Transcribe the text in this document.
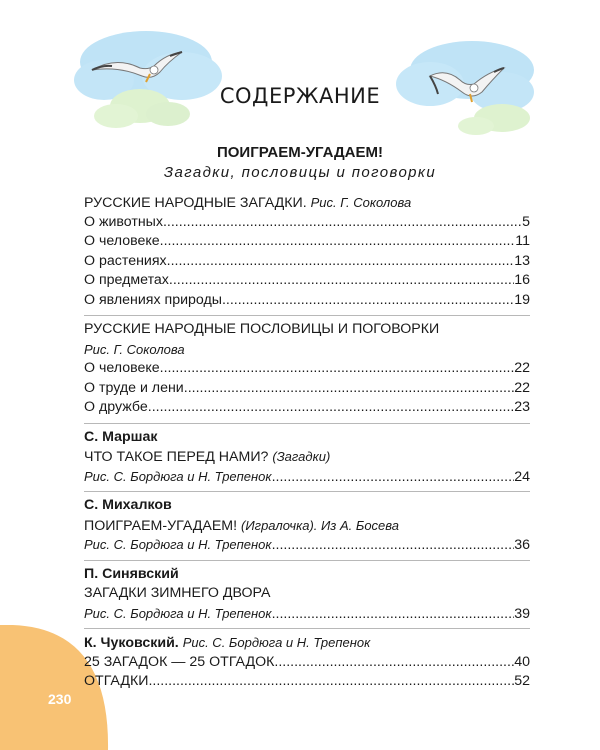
СОДЕРЖАНИЕ
ПОИГРАЕМ-УГАДАЕМ!
Загадки, пословицы и поговорки
РУССКИЕ НАРОДНЫЕ ЗАГАДКИ. Рис. Г. Соколова
О животных .....	5
О человеке .....	11
О растениях .....	13
О предметах .....	16
О явлениях природы .....	19
РУССКИЕ НАРОДНЫЕ ПОСЛОВИЦЫ И ПОГОВОРКИ
Рис. Г. Соколова
О человеке .....	22
О труде и лени .....	22
О дружбе .....	23
С. Маршак
ЧТО ТАКОЕ ПЕРЕД НАМИ? (Загадки)
Рис. С. Бордюга и Н. Трепенок .....	24
С. Михалков
ПОИГРАЕМ-УГАДАЕМ! (Игралочка). Из А. Босева
Рис. С. Бордюга и Н. Трепенок .....	36
П. Синявский
ЗАГАДКИ ЗИМНЕГО ДВОРА
Рис. С. Бордюга и Н. Трепенок .....	39
К. Чуковский. Рис. С. Бордюга и Н. Трепенок
25 ЗАГАДОК — 25 ОТГАДОК .....	40
ОТГАДКИ .....	52
230
